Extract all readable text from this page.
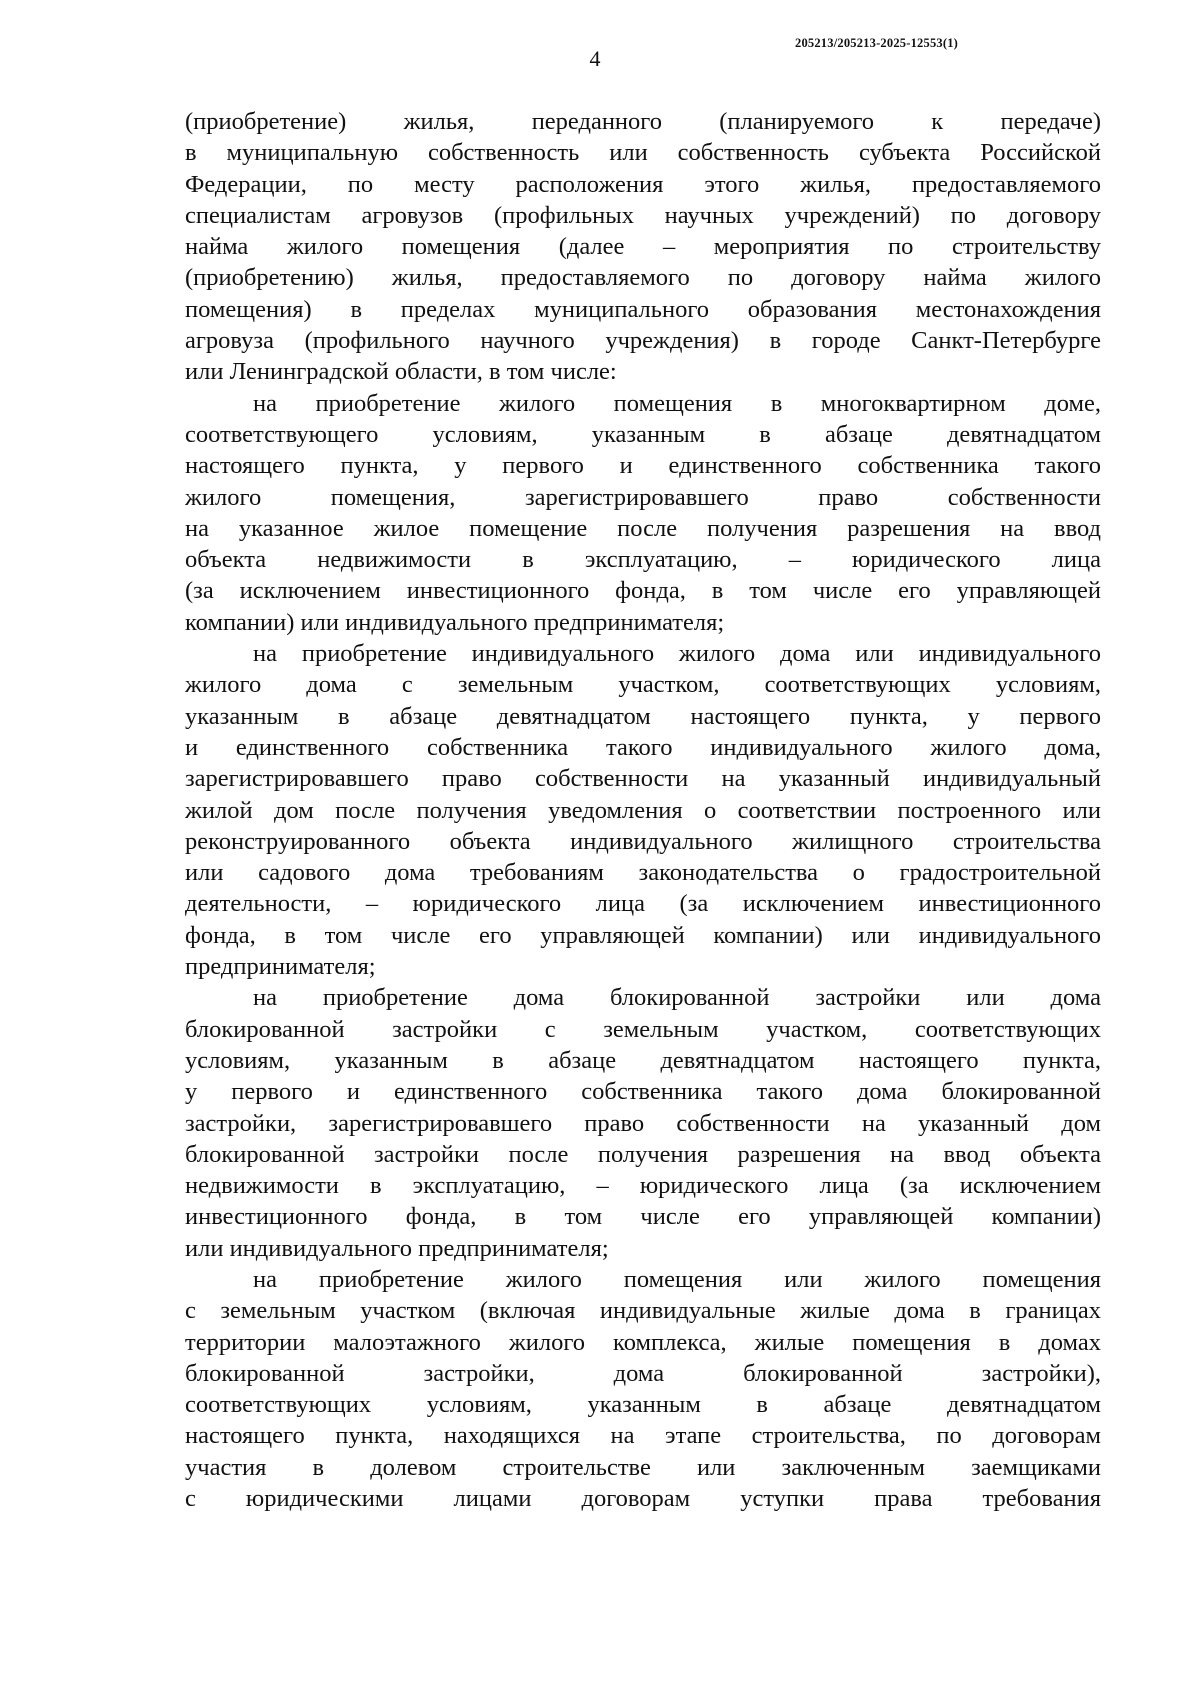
205213/205213-2025-12553(1)
4
(приобретение) жилья, переданного (планируемого к передаче)
в муниципальную собственность или собственность субъекта Российской
Федерации, по месту расположения этого жилья, предоставляемого
специалистам агровузов (профильных научных учреждений) по договору
найма жилого помещения (далее – мероприятия по строительству
(приобретению) жилья, предоставляемого по договору найма жилого
помещения) в пределах муниципального образования местонахождения
агровуза (профильного научного учреждения) в городе Санкт-Петербурге
или Ленинградской области, в том числе:
на приобретение жилого помещения в многоквартирном доме,
соответствующего условиям, указанным в абзаце девятнадцатом
настоящего пункта, у первого и единственного собственника такого
жилого помещения, зарегистрировавшего право собственности
на указанное жилое помещение после получения разрешения на ввод
объекта недвижимости в эксплуатацию, – юридического лица
(за исключением инвестиционного фонда, в том числе его управляющей
компании) или индивидуального предпринимателя;
на приобретение индивидуального жилого дома или индивидуального
жилого дома с земельным участком, соответствующих условиям,
указанным в абзаце девятнадцатом настоящего пункта, у первого
и единственного собственника такого индивидуального жилого дома,
зарегистрировавшего право собственности на указанный индивидуальный
жилой дом после получения уведомления о соответствии построенного или
реконструированного объекта индивидуального жилищного строительства
или садового дома требованиям законодательства о градостроительной
деятельности, – юридического лица (за исключением инвестиционного
фонда, в том числе его управляющей компании) или индивидуального
предпринимателя;
на приобретение дома блокированной застройки или дома
блокированной застройки с земельным участком, соответствующих
условиям, указанным в абзаце девятнадцатом настоящего пункта,
у первого и единственного собственника такого дома блокированной
застройки, зарегистрировавшего право собственности на указанный дом
блокированной застройки после получения разрешения на ввод объекта
недвижимости в эксплуатацию, – юридического лица (за исключением
инвестиционного фонда, в том числе его управляющей компании)
или индивидуального предпринимателя;
на приобретение жилого помещения или жилого помещения
с земельным участком (включая индивидуальные жилые дома в границах
территории малоэтажного жилого комплекса, жилые помещения в домах
блокированной застройки, дома блокированной застройки),
соответствующих условиям, указанным в абзаце девятнадцатом
настоящего пункта, находящихся на этапе строительства, по договорам
участия в долевом строительстве или заключенным заемщиками
с юридическими лицами договорам уступки права требования
